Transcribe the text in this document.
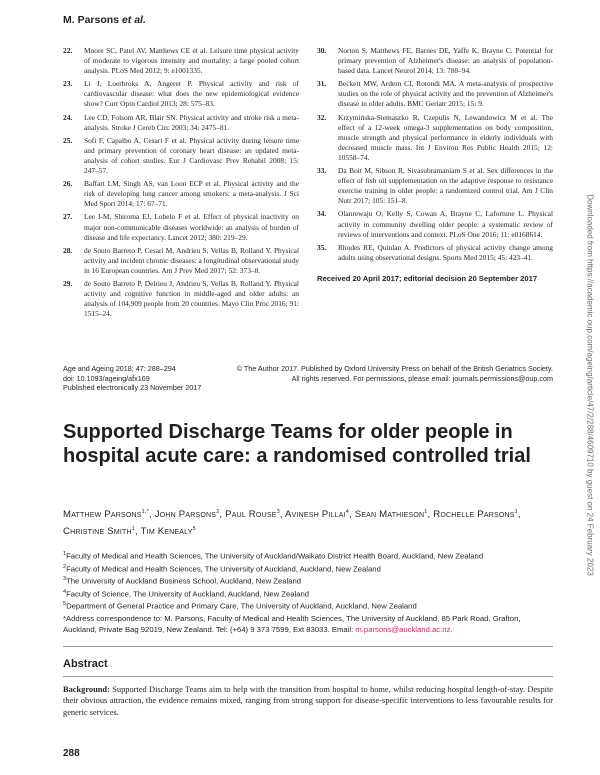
M. Parsons et al.
22. Moore SC, Patel AV, Matthews CE et al. Leisure time physical activity of moderate to vigorous intensity and mortality: a large pooled cohort analysis. PLoS Med 2012; 9: e1001335.
23. Li J, Loerbroks A, Angerer P. Physical activity and risk of cardiovascular disease: what does the new epidemiological evidence show? Curr Opin Cardiol 2013; 28: 575–83.
24. Lee CD, Folsom AR, Blair SN. Physical activity and stroke risk a meta-analysis. Stroke J Cereb Circ 2003; 34: 2475–81.
25. Sofi F, Capalbo A, Cesari F et al. Physical activity during leisure time and primary prevention of coronary heart disease: an updated meta-analysis of cohort studies. Eur J Cardiovasc Prev Rehabil 2008; 15: 247–57.
26. Baffart LM, Singh AS, van Loon ECP et al. Physical activity and the risk of developing lung cancer among smokers: a meta-analysis. J Sci Med Sport 2014; 17: 67–71.
27. Lee I-M, Shiroma EJ, Lobelo F et al. Effect of physical inactivity on major non-communicable diseases worldwide: an analysis of burden of disease and life expectancy. Lancet 2012; 380: 219–29.
28. de Souto Barreto P, Cesari M, Andrieu S, Vellas B, Rolland Y. Physical activity and incident chronic diseases: a longitudinal observational study in 16 European countries. Am J Prev Med 2017; 52: 373–8.
29. de Souto Barreto P, Delrieu J, Andrieu S, Vellas B, Rolland Y. Physical activity and cognitive function in middle-aged and older adults: an analysis of 104,909 people from 20 countries. Mayo Clin Proc 2016; 91: 1515–24.
30. Norton S, Matthews FE, Barnes DE, Yaffe K, Brayne C. Potential for primary prevention of Alzheimer's disease: an analysis of population-based data. Lancet Neurol 2014; 13: 788–94.
31. Beckett MW, Ardern CI, Rotondi MA. A meta-analysis of prospective studies on the role of physical activity and the prevention of Alzheimer's disease in older adults. BMC Geriatr 2015; 15: 9.
32. Krzymińska-Siemaszko R, Czepulis N, Lewandowicz M et al. The effect of a 12-week omega-3 supplementation on body composition, muscle strength and physical performance in elderly individuals with decreased muscle mass. Int J Environ Res Public Health 2015; 12: 10558–74.
33. Da Boit M, Sibson R, Sivasubramaniam S et al. Sex differences in the effect of fish oil supplementation on the adaptive response to resistance exercise training in older people: a randomized control trial. Am J Clin Nutr 2017; 105: 151–8.
34. Olanrewaju O, Kelly S, Cowan A, Brayne C, Lafortune L. Physical activity in community dwelling older people: a systematic review of reviews of interventions and context. PLoS One 2016; 11: e0168614.
35. Rhodes RE, Quinlan A. Predictors of physical activity change among adults using observational designs. Sports Med 2015; 45: 423–41.
Received 20 April 2017; editorial decision 20 September 2017	Downloaded from https://academic.oup.com/ageing/article/47/2/288/4609710 by guest on 24 February 2023
Age and Ageing 2018; 47: 288–294
doi: 10.1093/ageing/afx169
Published electronically 23 November 2017
© The Author 2017. Published by Oxford University Press on behalf of the British Geriatrics Society.
All rights reserved. For permissions, please email: journals.permissions@oup.com
Supported Discharge Teams for older people in hospital acute care: a randomised controlled trial
Matthew Parsons$^{1,*}$, John Parsons$^2$, Paul Rouse$^3$, Avinesh Pillai$^4$, Sean Mathieson$^1$, Rochelle Parsons$^1$, Christine Smith$^1$, Tim Kenealy$^5$
$^1$Faculty of Medical and Health Sciences, The University of Auckland/Waikato District Health Board, Auckland, New Zealand
$^2$Faculty of Medical and Health Sciences, The University of Auckland, Auckland, New Zealand
$^3$The University of Auckland Business School, Auckland, New Zealand
$^4$Faculty of Science, The University of Auckland, Auckland, New Zealand
$^5$Department of General Practice and Primary Care, The University of Auckland, Auckland, New Zealand
*Address correspondence to: M. Parsons, Faculty of Medical and Health Sciences, The University of Auckland, 85 Park Road, Grafton, Auckland, Private Bag 92019, New Zealand. Tel: (+64) 9 373 7599, Ext 83033. Email: m.parsons@auckland.ac.nz.
Abstract
Background: Supported Discharge Teams aim to help with the transition from hospital to home, whilst reducing hospital length-of-stay. Despite their obvious attraction, the evidence remains mixed, ranging from strong support for disease-specific interventions to less favourable results for generic services.
288
